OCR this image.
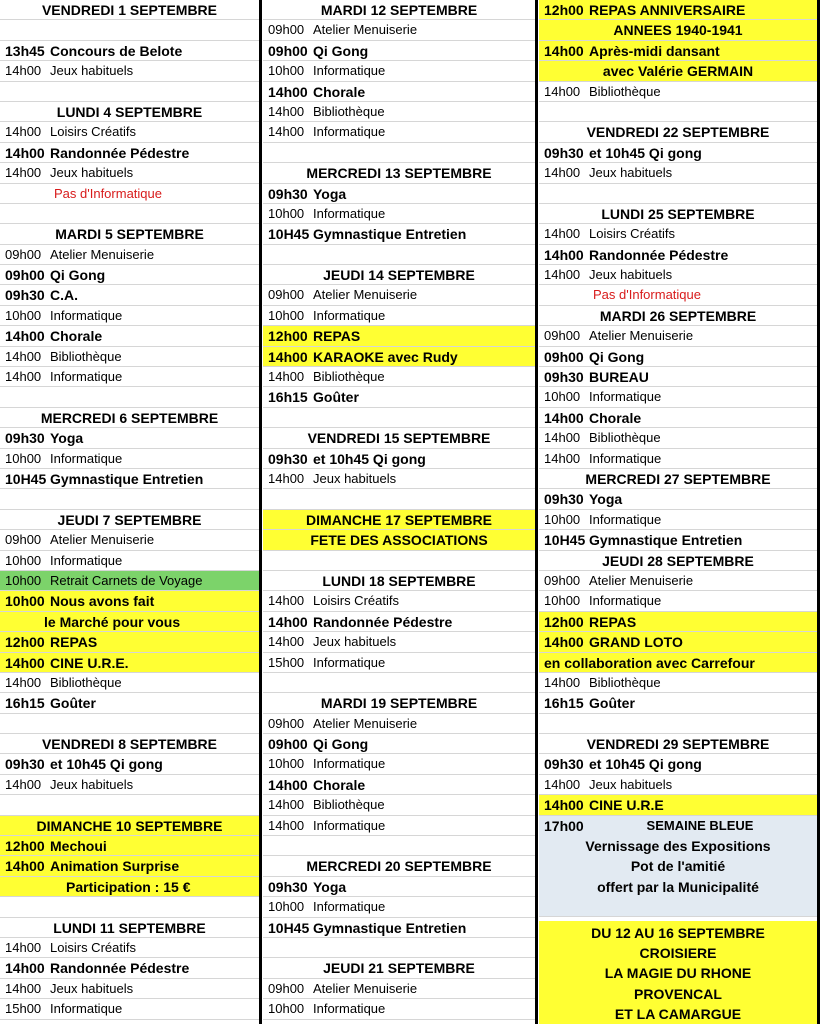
VENDREDI 1 SEPTEMBRE
13h45 Concours de Belote
14h00 Jeux habituels
LUNDI 4 SEPTEMBRE
14h00 Loisirs Créatifs
14h00 Randonnée Pédestre
14h00 Jeux habituels
Pas d'Informatique
MARDI 5 SEPTEMBRE
09h00 Atelier Menuiserie
09h00 Qi Gong
09h30 C.A.
10h00 Informatique
14h00 Chorale
14h00 Bibliothèque
14h00 Informatique
MERCREDI 6 SEPTEMBRE
09h30 Yoga
10h00 Informatique
10H45 Gymnastique Entretien
JEUDI 7 SEPTEMBRE
09h00 Atelier Menuiserie
10h00 Informatique
10h00 Retrait Carnets de Voyage
10h00 Nous avons fait
le Marché pour vous
12h00 REPAS
14h00 CINE U.R.E.
14h00 Bibliothèque
16h15 Goûter
VENDREDI 8 SEPTEMBRE
09h30 et 10h45 Qi gong
14h00 Jeux habituels
DIMANCHE 10 SEPTEMBRE
12h00 Mechoui
14h00 Animation Surprise
Participation : 15 €
LUNDI 11 SEPTEMBRE
14h00 Loisirs Créatifs
14h00 Randonnée Pédestre
14h00 Jeux habituels
15h00 Informatique
MARDI 12 SEPTEMBRE
09h00 Atelier Menuiserie
09h00 Qi Gong
10h00 Informatique
14h00 Chorale
14h00 Bibliothèque
14h00 Informatique
MERCREDI 13 SEPTEMBRE
09h30 Yoga
10h00 Informatique
10H45 Gymnastique Entretien
JEUDI 14 SEPTEMBRE
09h00 Atelier Menuiserie
10h00 Informatique
12h00 REPAS
14h00 KARAOKE avec Rudy
14h00 Bibliothèque
16h15 Goûter
VENDREDI 15 SEPTEMBRE
09h30 et 10h45 Qi gong
14h00 Jeux habituels
DIMANCHE 17 SEPTEMBRE
FETE DES ASSOCIATIONS
LUNDI 18 SEPTEMBRE
14h00 Loisirs Créatifs
14h00 Randonnée Pédestre
14h00 Jeux habituels
15h00 Informatique
MARDI 19 SEPTEMBRE
09h00 Atelier Menuiserie
09h00 Qi Gong
10h00 Informatique
14h00 Chorale
14h00 Bibliothèque
14h00 Informatique
MERCREDI 20 SEPTEMBRE
09h30 Yoga
10h00 Informatique
10H45 Gymnastique Entretien
JEUDI 21 SEPTEMBRE
09h00 Atelier Menuiserie
10h00 Informatique
12h00 REPAS ANNIVERSAIRE
ANNEES 1940-1941
14h00 Après-midi dansant
avec Valérie GERMAIN
14h00 Bibliothèque
VENDREDI 22 SEPTEMBRE
09h30 et 10h45 Qi gong
14h00 Jeux habituels
LUNDI 25 SEPTEMBRE
14h00 Loisirs Créatifs
14h00 Randonnée Pédestre
14h00 Jeux habituels
Pas d'Informatique
MARDI 26 SEPTEMBRE
09h00 Atelier Menuiserie
09h00 Qi Gong
09h30 BUREAU
10h00 Informatique
14h00 Chorale
14h00 Bibliothèque
14h00 Informatique
MERCREDI 27 SEPTEMBRE
09h30 Yoga
10h00 Informatique
10H45 Gymnastique Entretien
JEUDI 28 SEPTEMBRE
09h00 Atelier Menuiserie
10h00 Informatique
12h00 REPAS
14h00 GRAND LOTO
en collaboration avec Carrefour
14h00 Bibliothèque
16h15 Goûter
VENDREDI 29 SEPTEMBRE
09h30 et 10h45 Qi gong
14h00 Jeux habituels
14h00 CINE U.R.E
17h00	SEMAINE BLEUE
Vernissage des Expositions
Pot de l'amitié
offert par la Municipalité
DU 12 AU 16 SEPTEMBRE
CROISIERE
LA MAGIE DU RHONE
PROVENCAL
ET LA CAMARGUE
